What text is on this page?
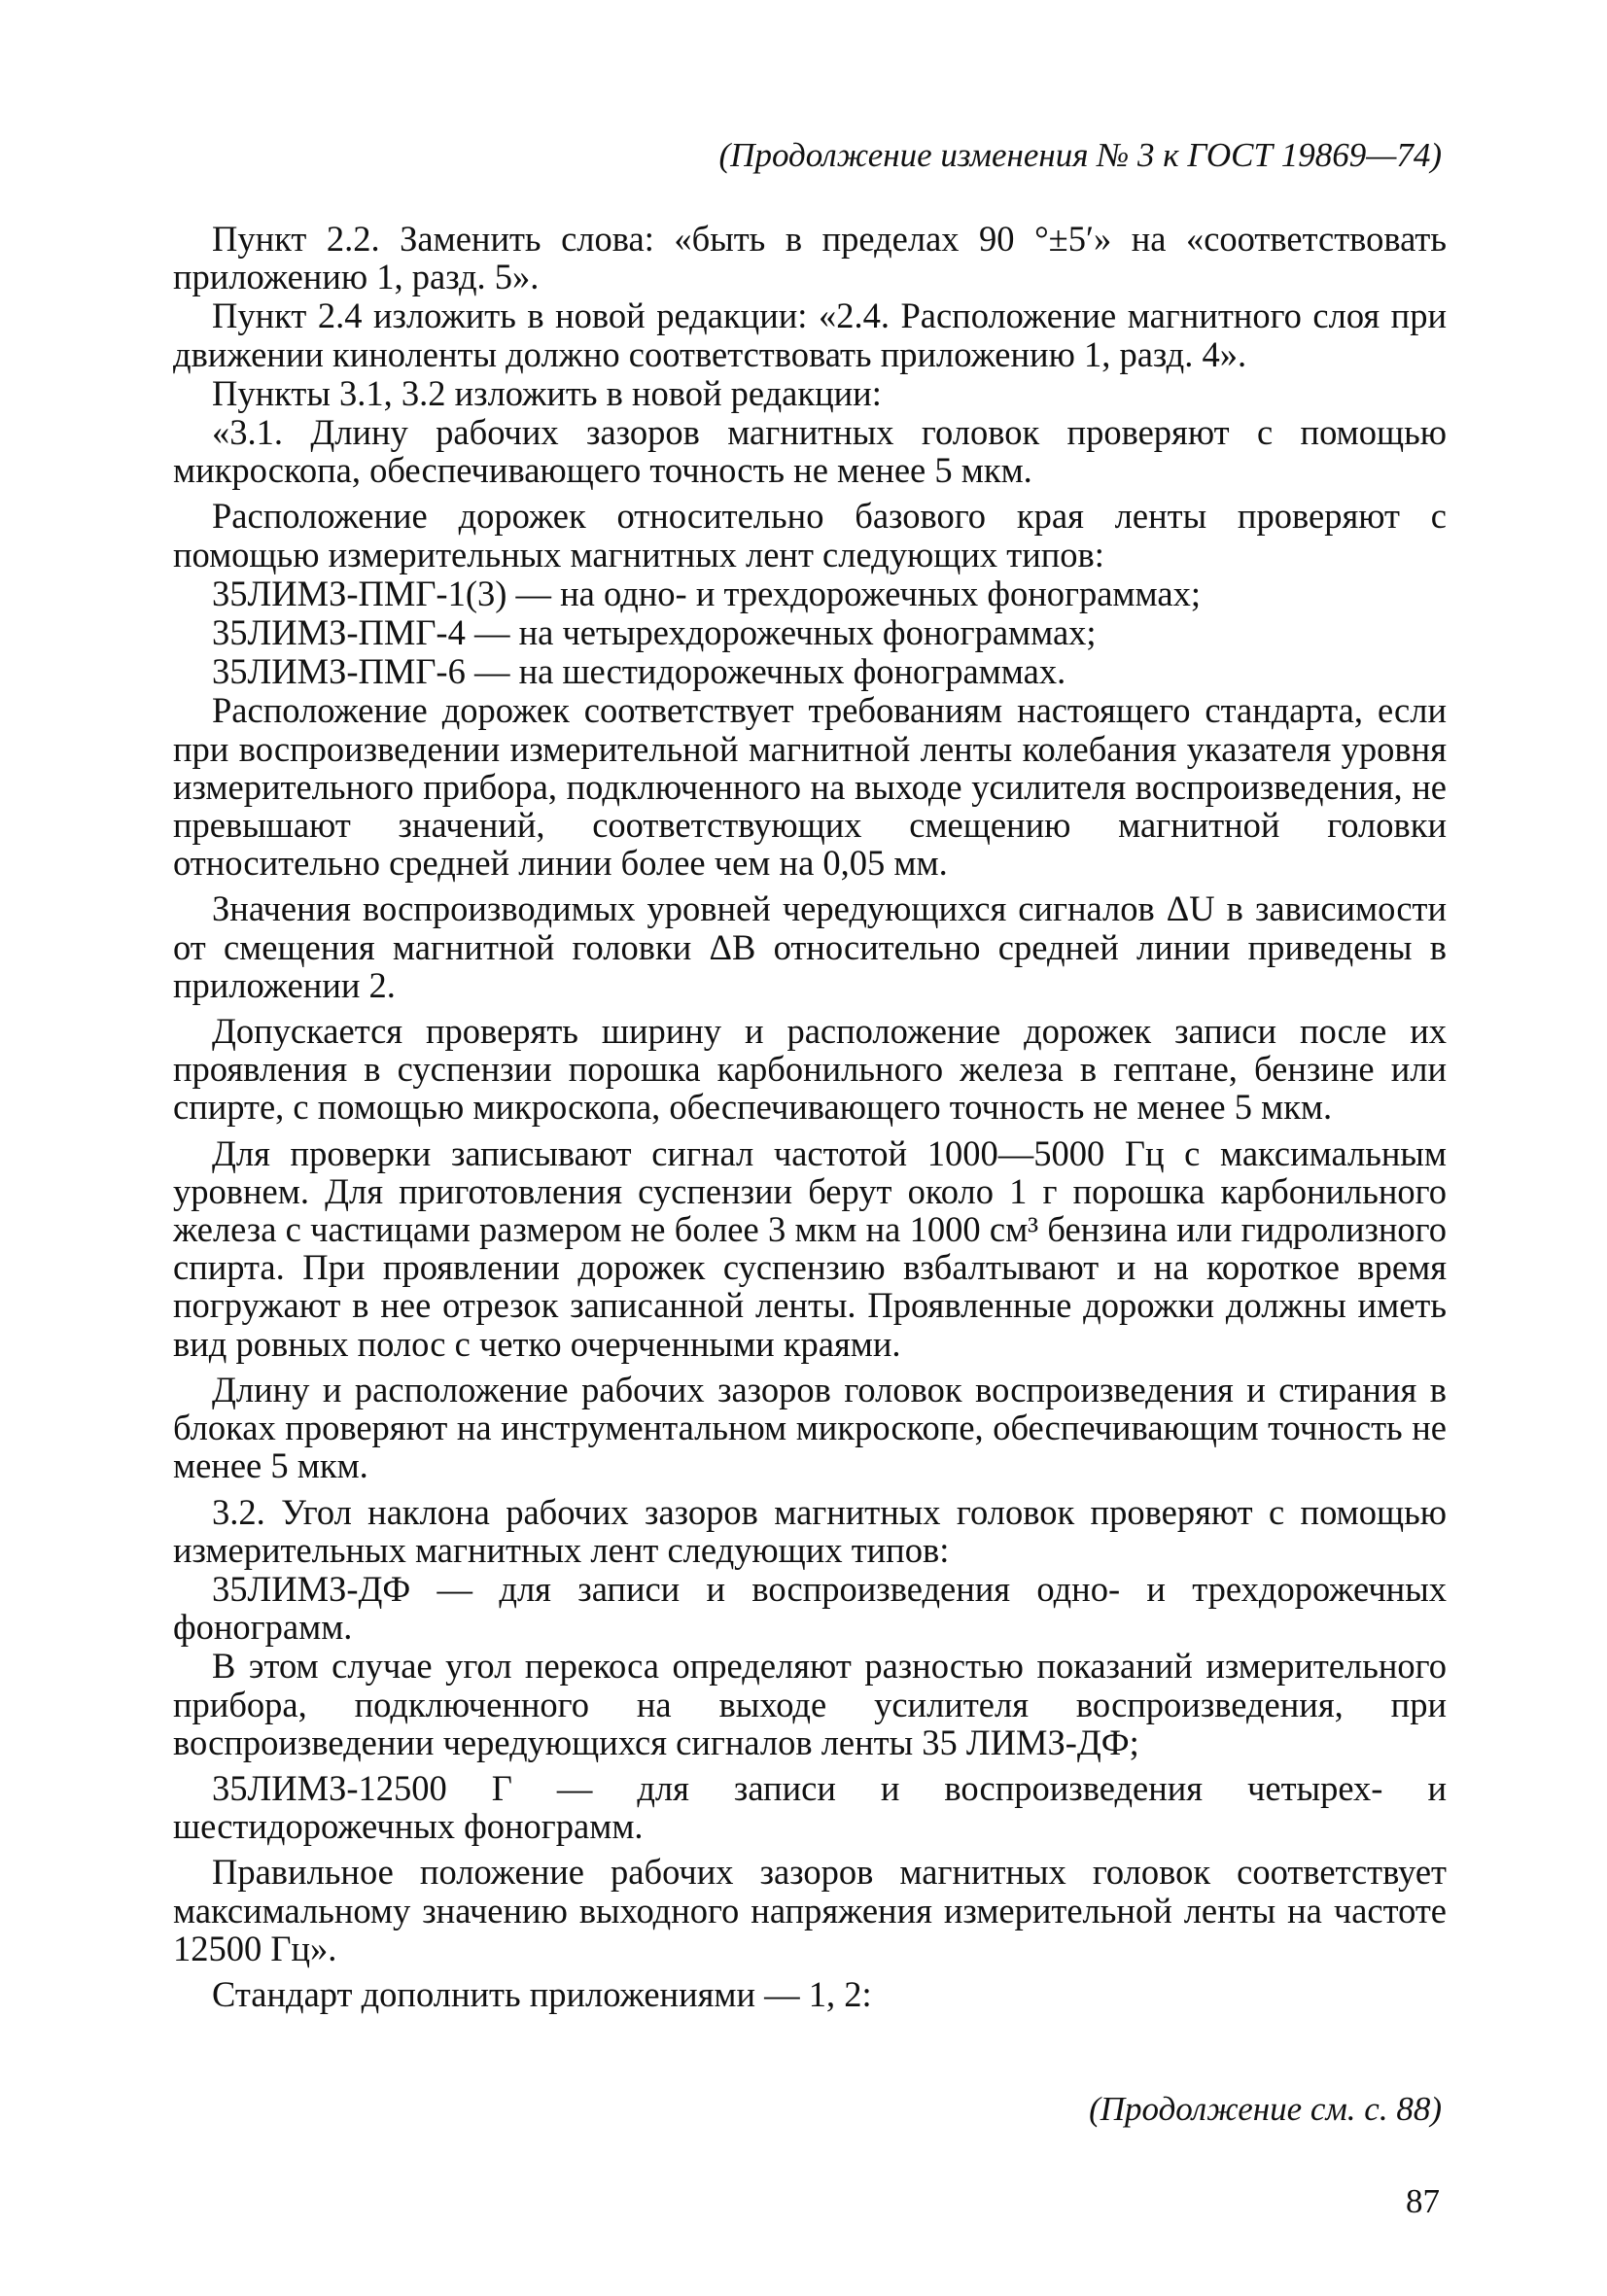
(Продолжение изменения № 3 к ГОСТ 19869—74)

Пункт 2.2. Заменить слова: «быть в пределах 90 °±5′» на «соответствовать приложению 1, разд. 5».

Пункт 2.4 изложить в новой редакции: «2.4. Расположение магнитного слоя при движении киноленты должно соответствовать приложению 1, разд. 4».

Пункты 3.1, 3.2 изложить в новой редакции:

«3.1. Длину рабочих зазоров магнитных головок проверяют с помощью микроскопа, обеспечивающего точность не менее 5 мкм.

Расположение дорожек относительно базового края ленты проверяют с помощью измерительных магнитных лент следующих типов:

35ЛИМЗ-ПМГ-1(3) — на одно- и трехдорожечных фонограммах;

35ЛИМЗ-ПМГ-4 — на четырехдорожечных фонограммах;

35ЛИМЗ-ПМГ-6 — на шестидорожечных фонограммах.

Расположение дорожек соответствует требованиям настоящего стандарта, если при воспроизведении измерительной магнитной ленты колебания указателя уровня измерительного прибора, подключенного на выходе усилителя воспроизведения, не превышают значений, соответствующих смещению магнитной головки относительно средней линии более чем на 0,05 мм.

Значения воспроизводимых уровней чередующихся сигналов ΔU в зависимости от смещения магнитной головки ΔB относительно средней линии приведены в приложении 2.

Допускается проверять ширину и расположение дорожек записи после их проявления в суспензии порошка карбонильного железа в гептане, бензине или спирте, с помощью микроскопа, обеспечивающего точность не менее 5 мкм.

Для проверки записывают сигнал частотой 1000—5000 Гц с максимальным уровнем. Для приготовления суспензии берут около 1 г порошка карбонильного железа с частицами размером не более 3 мкм на 1000 см³ бензина или гидролизного спирта. При проявлении дорожек суспензию взбалтывают и на короткое время погружают в нее отрезок записанной ленты. Проявленные дорожки должны иметь вид ровных полос с четко очерченными краями.

Длину и расположение рабочих зазоров головок воспроизведения и стирания в блоках проверяют на инструментальном микроскопе, обеспечивающим точность не менее 5 мкм.

3.2. Угол наклона рабочих зазоров магнитных головок проверяют с помощью измерительных магнитных лент следующих типов:

35ЛИМЗ-ДФ — для записи и воспроизведения одно- и трехдорожечных фонограмм.

В этом случае угол перекоса определяют разностью показаний измерительного прибора, подключенного на выходе усилителя воспроизведения, при воспроизведении чередующихся сигналов ленты 35 ЛИМЗ-ДФ;

35ЛИМЗ-12500 Г — для записи и воспроизведения четырех- и шестидорожечных фонограмм.

Правильное положение рабочих зазоров магнитных головок соответствует максимальному значению выходного напряжения измерительной ленты на частоте 12500 Гц».

Стандарт дополнить приложениями — 1, 2:

(Продолжение см. с. 88)
87
